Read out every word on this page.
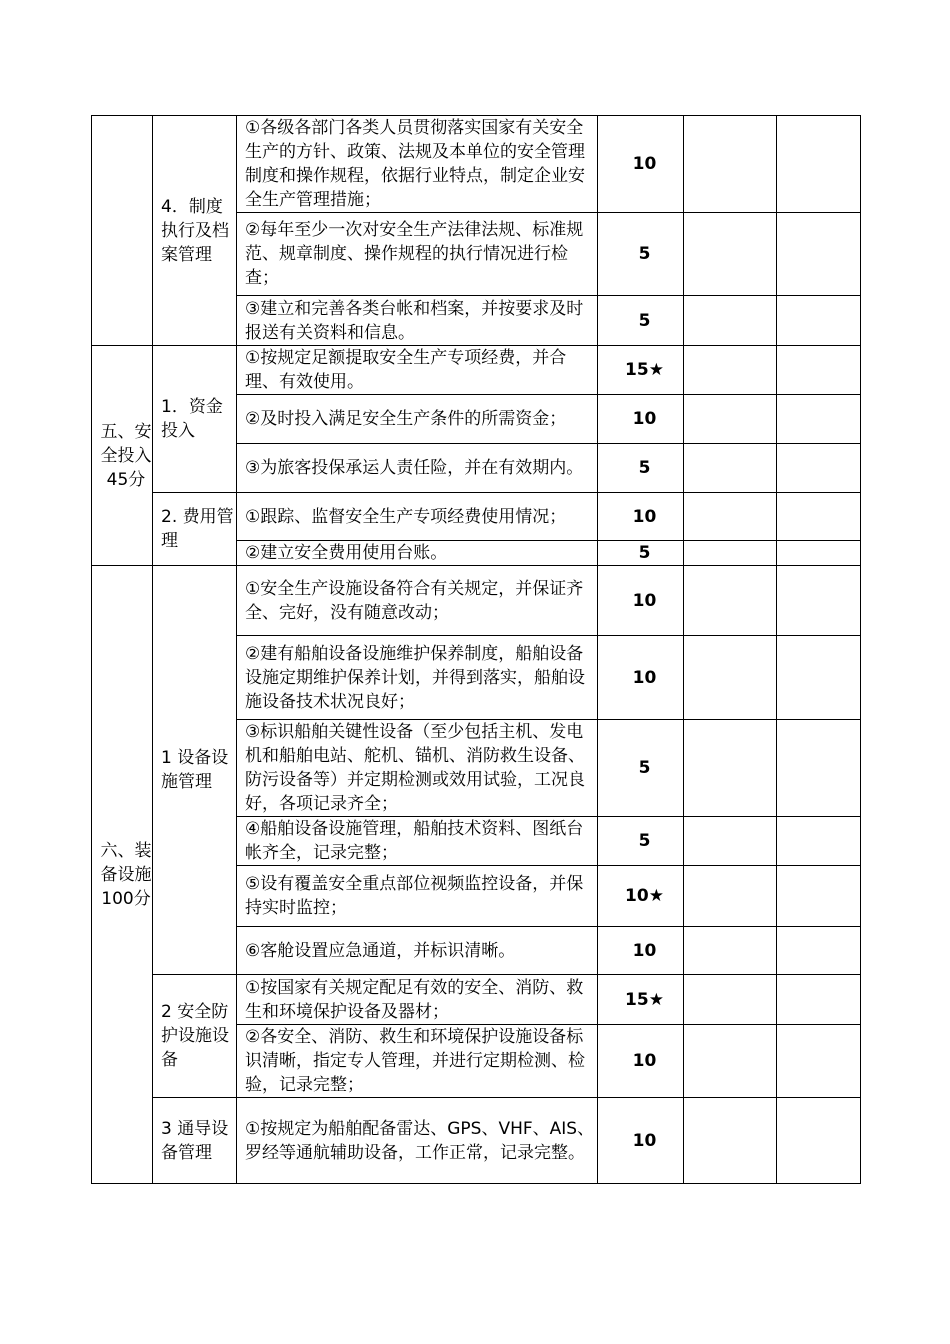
	4．制度执行及档案管理	①各级各部门各类人员贯彻落实国家有关安全生产的方针、政策、法规及本单位的安全管理制度和操作规程，依据行业特点，制定企业安全生产管理措施；	10		
		②每年至少一次对安全生产法律法规、标准规范、规章制度、操作规程的执行情况进行检查；	5		
		③建立和完善各类台帐和档案，并按要求及时报送有关资料和信息。	5		
五、安全投入45分	1．资金投入	①按规定足额提取安全生产专项经费，并合理、有效使用。	15★		
		②及时投入满足安全生产条件的所需资金；	10		
		③为旅客投保承运人责任险，并在有效期内。	5		
	2. 费用管理	①跟踪、监督安全生产专项经费使用情况；	10		
		②建立安全费用使用台账。	5		
六、装备设施100分	1 设备设施管理	①安全生产设施设备符合有关规定，并保证齐全、完好，没有随意改动；	10		
		②建有船舶设备设施维护保养制度，船舶设备设施定期维护保养计划，并得到落实，船舶设施设备技术状况良好；	10		
		③标识船舶关键性设备（至少包括主机、发电机和船舶电站、舵机、锚机、消防救生设备、防污设备等）并定期检测或效用试验，工况良好，各项记录齐全；	5		
		④船舶设备设施管理，船舶技术资料、图纸台帐齐全，记录完整；	5		
		⑤设有覆盖安全重点部位视频监控设备，并保持实时监控；	10★		
		⑥客舱设置应急通道，并标识清晰。	10		
	2 安全防护设施设备	①按国家有关规定配足有效的安全、消防、救生和环境保护设备及器材；	15★		
		②各安全、消防、救生和环境保护设施设备标识清晰，指定专人管理，并进行定期检测、检验，记录完整；	10		
	3 通导设备管理	①按规定为船舶配备雷达、GPS、VHF、AIS、罗经等通航辅助设备，工作正常，记录完整。	10		
